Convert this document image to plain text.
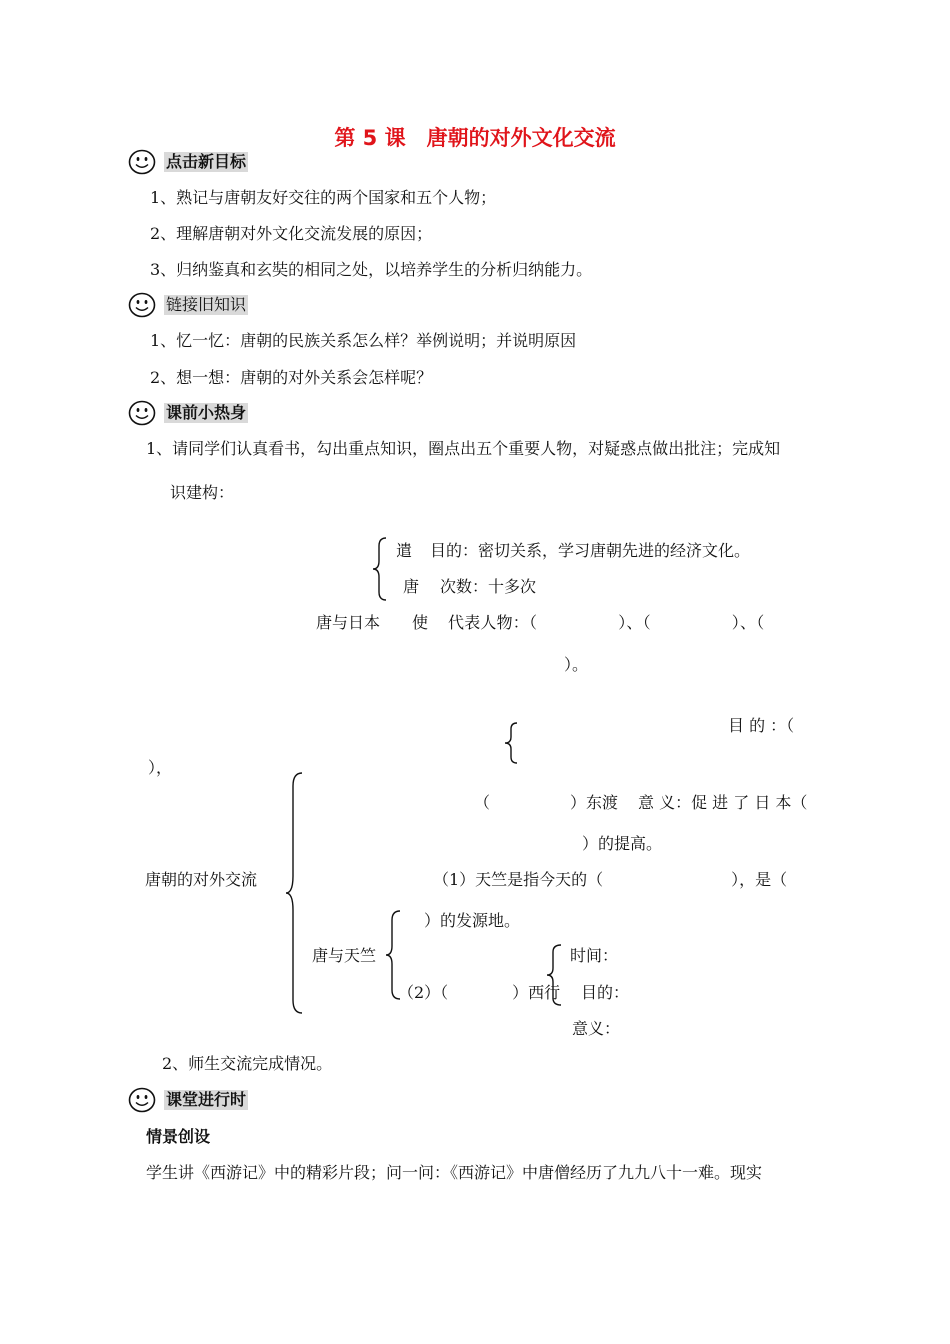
第 5 课　唐朝的对外文化交流
点击新目标
1、熟记与唐朝友好交往的两个国家和五个人物；
2、理解唐朝对外文化交流发展的原因；
3、归纳鉴真和玄奘的相同之处，以培养学生的分析归纳能力。
链接旧知识
1、忆一忆：唐朝的民族关系怎么样？举例说明；并说明原因
2、想一想：唐朝的对外关系会怎样呢？
课前小热身
1、请同学们认真看书，勾出重点知识，圈点出五个重要人物，对疑惑点做出批注；完成知
识建构：
遣 目的：密切关系，学习唐朝先进的经济文化。
唐 次数：十多次
唐与日本 使 代表人物：（　　　　　）、（　　　　　）、（
）。
目 的 ：（
），
（　　　　　）东渡 意 义：促 进 了 日 本（
）的提高。
唐朝的对外交流	（1）天竺是指今天的（　　　　　　　　），是（
）的发源地。
唐与天竺	时间：
（2）（　　　　）西行 目的：
意义：
2、师生交流完成情况。
课堂进行时
情景创设
学生讲《西游记》中的精彩片段；问一问：《西游记》中唐僧经历了九九八十一难。现实
